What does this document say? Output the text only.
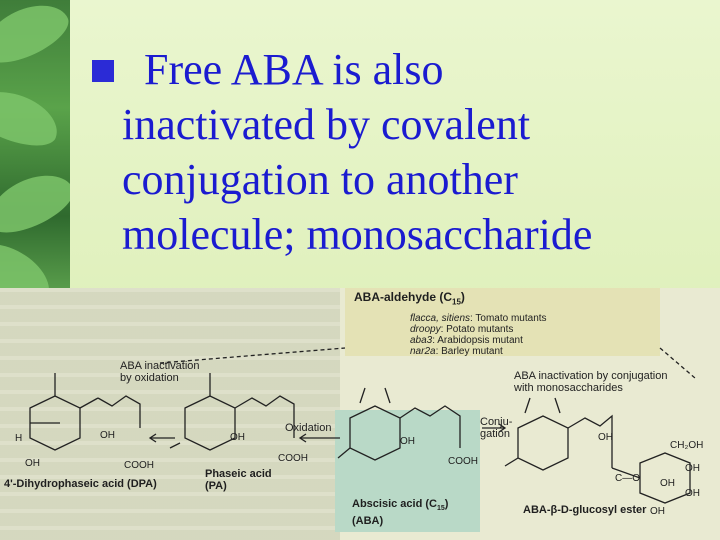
Free ABA is also
inactivated by covalent
conjugation to another
molecule; monosaccharide
ABA-aldehyde $(C_{15})$
flacca, sitiens: Tomato mutants
droopy: Potato mutants
aba3: Arabidopsis mutant
nar2a: Barley mutant
ABA inactivation
by oxidation	ABA inactivation by conjugation
with monosaccharides
Oxidation	Conju-
gation
4'-Dihydrophaseic acid (DPA)
Phaseic acid
(PA)
Abscisic acid $(C_{15})$
(ABA)
ABA-β-D-glucosyl ester
H
OH
OH
COOH
OH
COOH
OH
COOH
OH
CH₂OH
C—O
OH
OH
OH
OH
